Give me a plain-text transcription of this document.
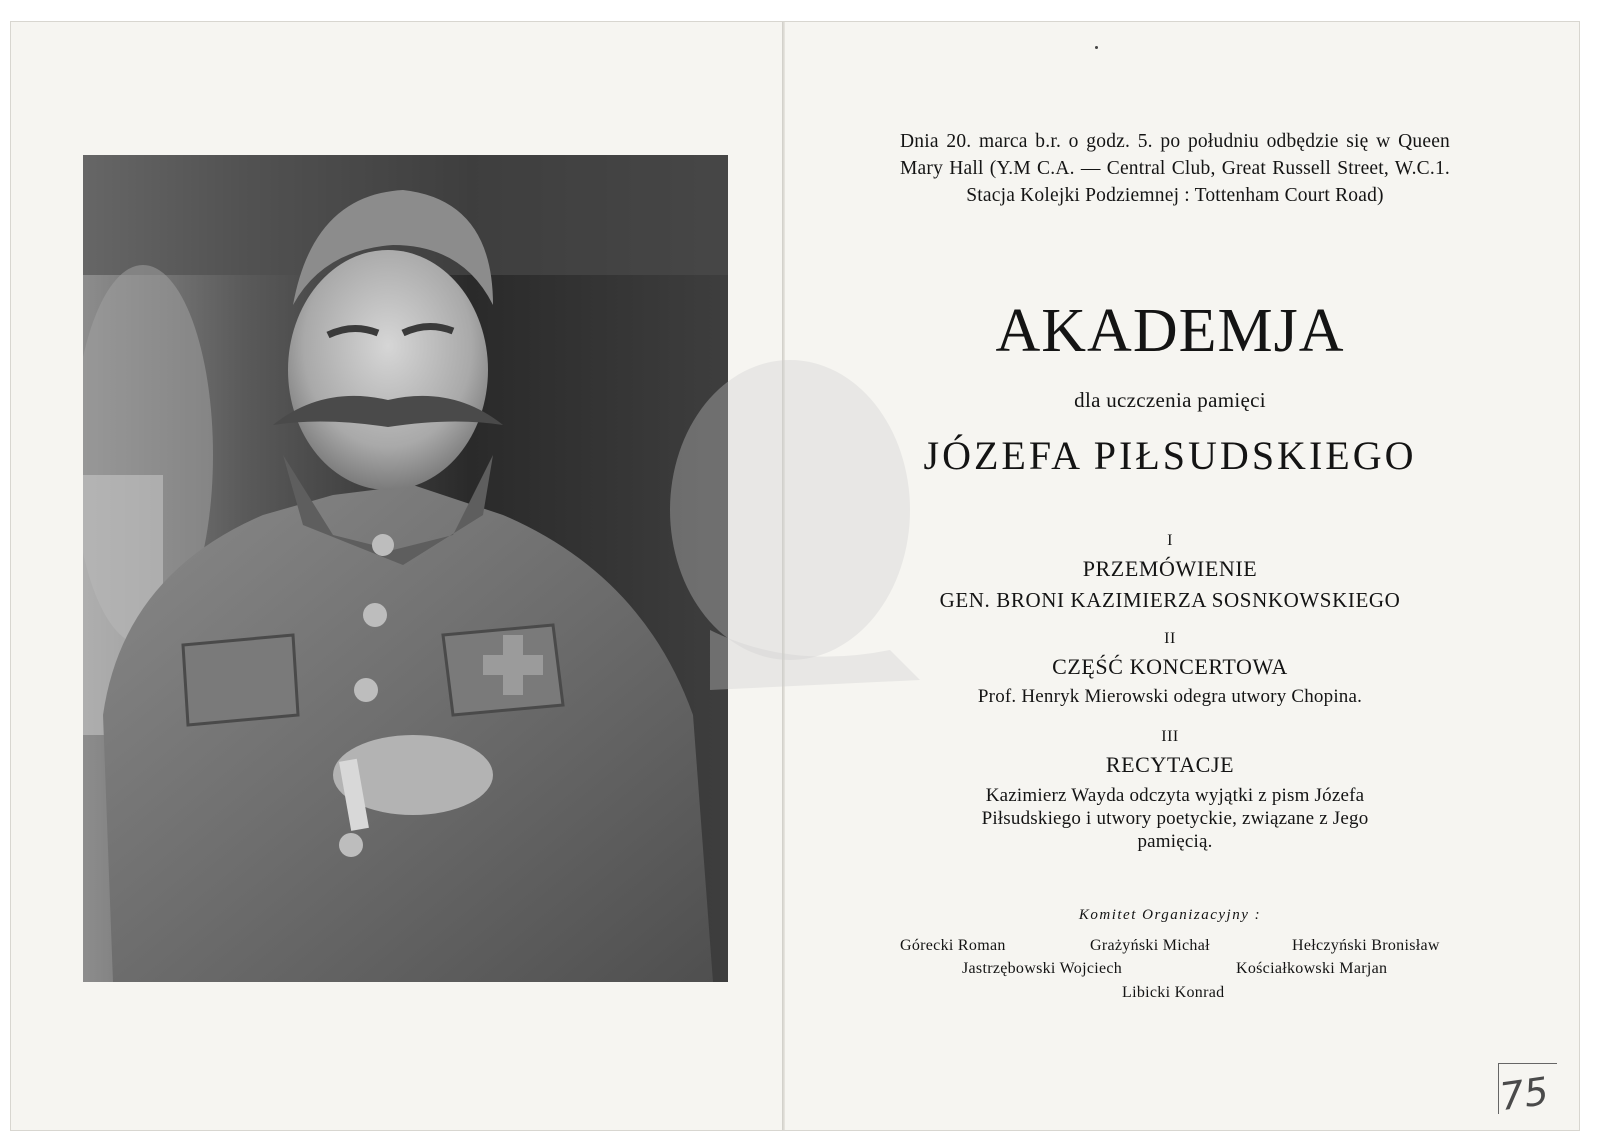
Dnia 20. marca b.r. o godz. 5. po południu odbędzie się w Queen Mary Hall (Y.M C.A. — Central Club, Great Russell Street, W.C.1. Stacja Kolejki Podziemnej : Tottenham Court Road)
AKADEMJA
dla uczczenia pamięci
JÓZEFA PIŁSUDSKIEGO
I
PRZEMÓWIENIE
GEN. BRONI KAZIMIERZA SOSNKOWSKIEGO
II
CZĘŚĆ KONCERTOWA
Prof. Henryk Mierowski odegra utwory Chopina.
III
RECYTACJE
Kazimierz Wayda odczyta wyjątki z pism Józefa Piłsudskiego i utwory poetyckie, związane z Jego pamięcią.
Komitet Organizacyjny :
Górecki Roman	Grażyński Michał	Hełczyński Bronisław
Jastrzębowski Wojciech	Kościałkowski Marjan
Libicki Konrad
75
